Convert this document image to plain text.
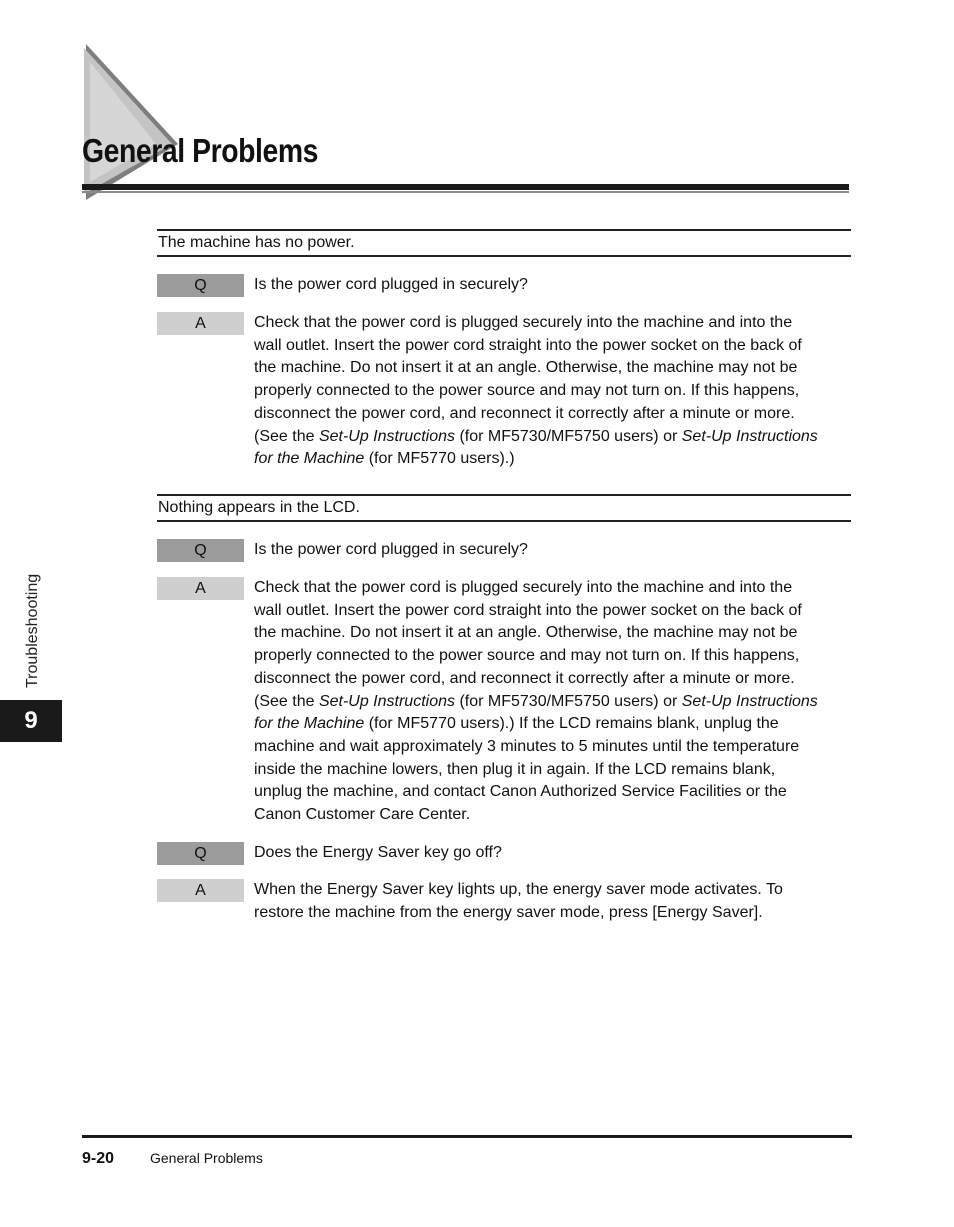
General Problems
The machine has no power.
Q	Is the power cord plugged in securely?
A	Check that the power cord is plugged securely into the machine and into the
wall outlet. Insert the power cord straight into the power socket on the back of
the machine. Do not insert it at an angle. Otherwise, the machine may not be
properly connected to the power source and may not turn on. If this happens,
disconnect the power cord, and reconnect it correctly after a minute or more.
(See the Set-Up Instructions (for MF5730/MF5750 users) or Set-Up Instructions
for the Machine (for MF5770 users).)
Nothing appears in the LCD.
Q	Is the power cord plugged in securely?
A	Check that the power cord is plugged securely into the machine and into the
wall outlet. Insert the power cord straight into the power socket on the back of
the machine. Do not insert it at an angle. Otherwise, the machine may not be
properly connected to the power source and may not turn on. If this happens,
disconnect the power cord, and reconnect it correctly after a minute or more.
(See the Set-Up Instructions (for MF5730/MF5750 users) or Set-Up Instructions
for the Machine (for MF5770 users).) If the LCD remains blank, unplug the
machine and wait approximately 3 minutes to 5 minutes until the temperature
inside the machine lowers, then plug it in again. If the LCD remains blank,
unplug the machine, and contact Canon Authorized Service Facilities or the
Canon Customer Care Center.
Q	Does the Energy Saver key go off?
A	When the Energy Saver key lights up, the energy saver mode activates. To
restore the machine from the energy saver mode, press [Energy Saver].
Troubleshooting
9
9-20	General Problems
